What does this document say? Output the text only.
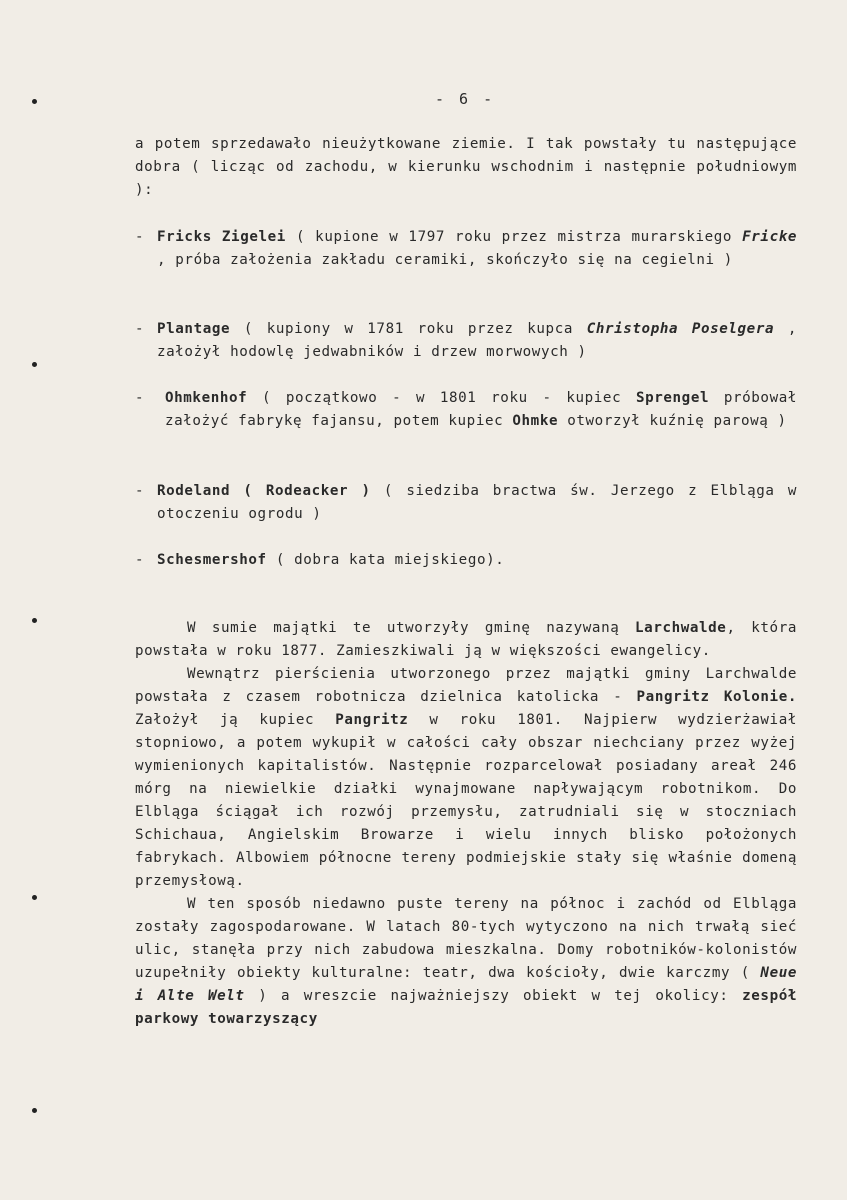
- 6 -

a potem sprzedawało nieużytkowane ziemie. I tak powstały tu następujące dobra ( licząc od zachodu, w kierunku wschodnim i następnie południowym ):

- Fricks Zigelei ( kupione w 1797 roku przez mistrza murarskiego Fricke , próba założenia zakładu ceramiki, skończyło się na cegielni )
- Plantage ( kupiony w 1781 roku przez kupca Christopha Poselgera , założył hodowlę jedwabników i drzew morwowych )
- Ohmkenhof ( początkowo - w 1801 roku - kupiec Sprengel próbował założyć fabrykę fajansu, potem kupiec Ohmke otworzył kuźnię parową )
- Rodeland ( Rodeacker ) ( siedziba bractwa św. Jerzego z Elbląga w otoczeniu ogrodu )
- Schesmershof ( dobra kata miejskiego).

W sumie majątki te utworzyły gminę nazywaną Larchwalde, która powstała w roku 1877. Zamieszkiwali ją w większości ewangelicy.

Wewnątrz pierścienia utworzonego przez majątki gminy Larchwalde powstała z czasem robotnicza dzielnica katolicka - Pangritz Kolonie. Założył ją kupiec Pangritz w roku 1801. Najpierw wydzierżawiał stopniowo, a potem wykupił w całości cały obszar niechciany przez wyżej wymienionych kapitalistów. Następnie rozparcelował posiadany areał 246 mórg na niewielkie działki wynajmowane napływającym robotnikom. Do Elbląga ściągał ich rozwój przemysłu, zatrudniali się w stoczniach Schichaua, Angielskim Browarze i wielu innych blisko położonych fabrykach. Albowiem północne tereny podmiejskie stały się właśnie domeną przemysłową.

W ten sposób niedawno puste tereny na północ i zachód od Elbląga zostały zagospodarowane. W latach 80-tych wytyczono na nich trwałą sieć ulic, stanęła przy nich zabudowa mieszkalna. Domy robotników-kolonistów uzupełniły obiekty kulturalne: teatr, dwa kościoły, dwie karczmy ( Neue i Alte Welt ) a wreszcie najważniejszy obiekt w tej okolicy: zespół parkowy towarzyszący
